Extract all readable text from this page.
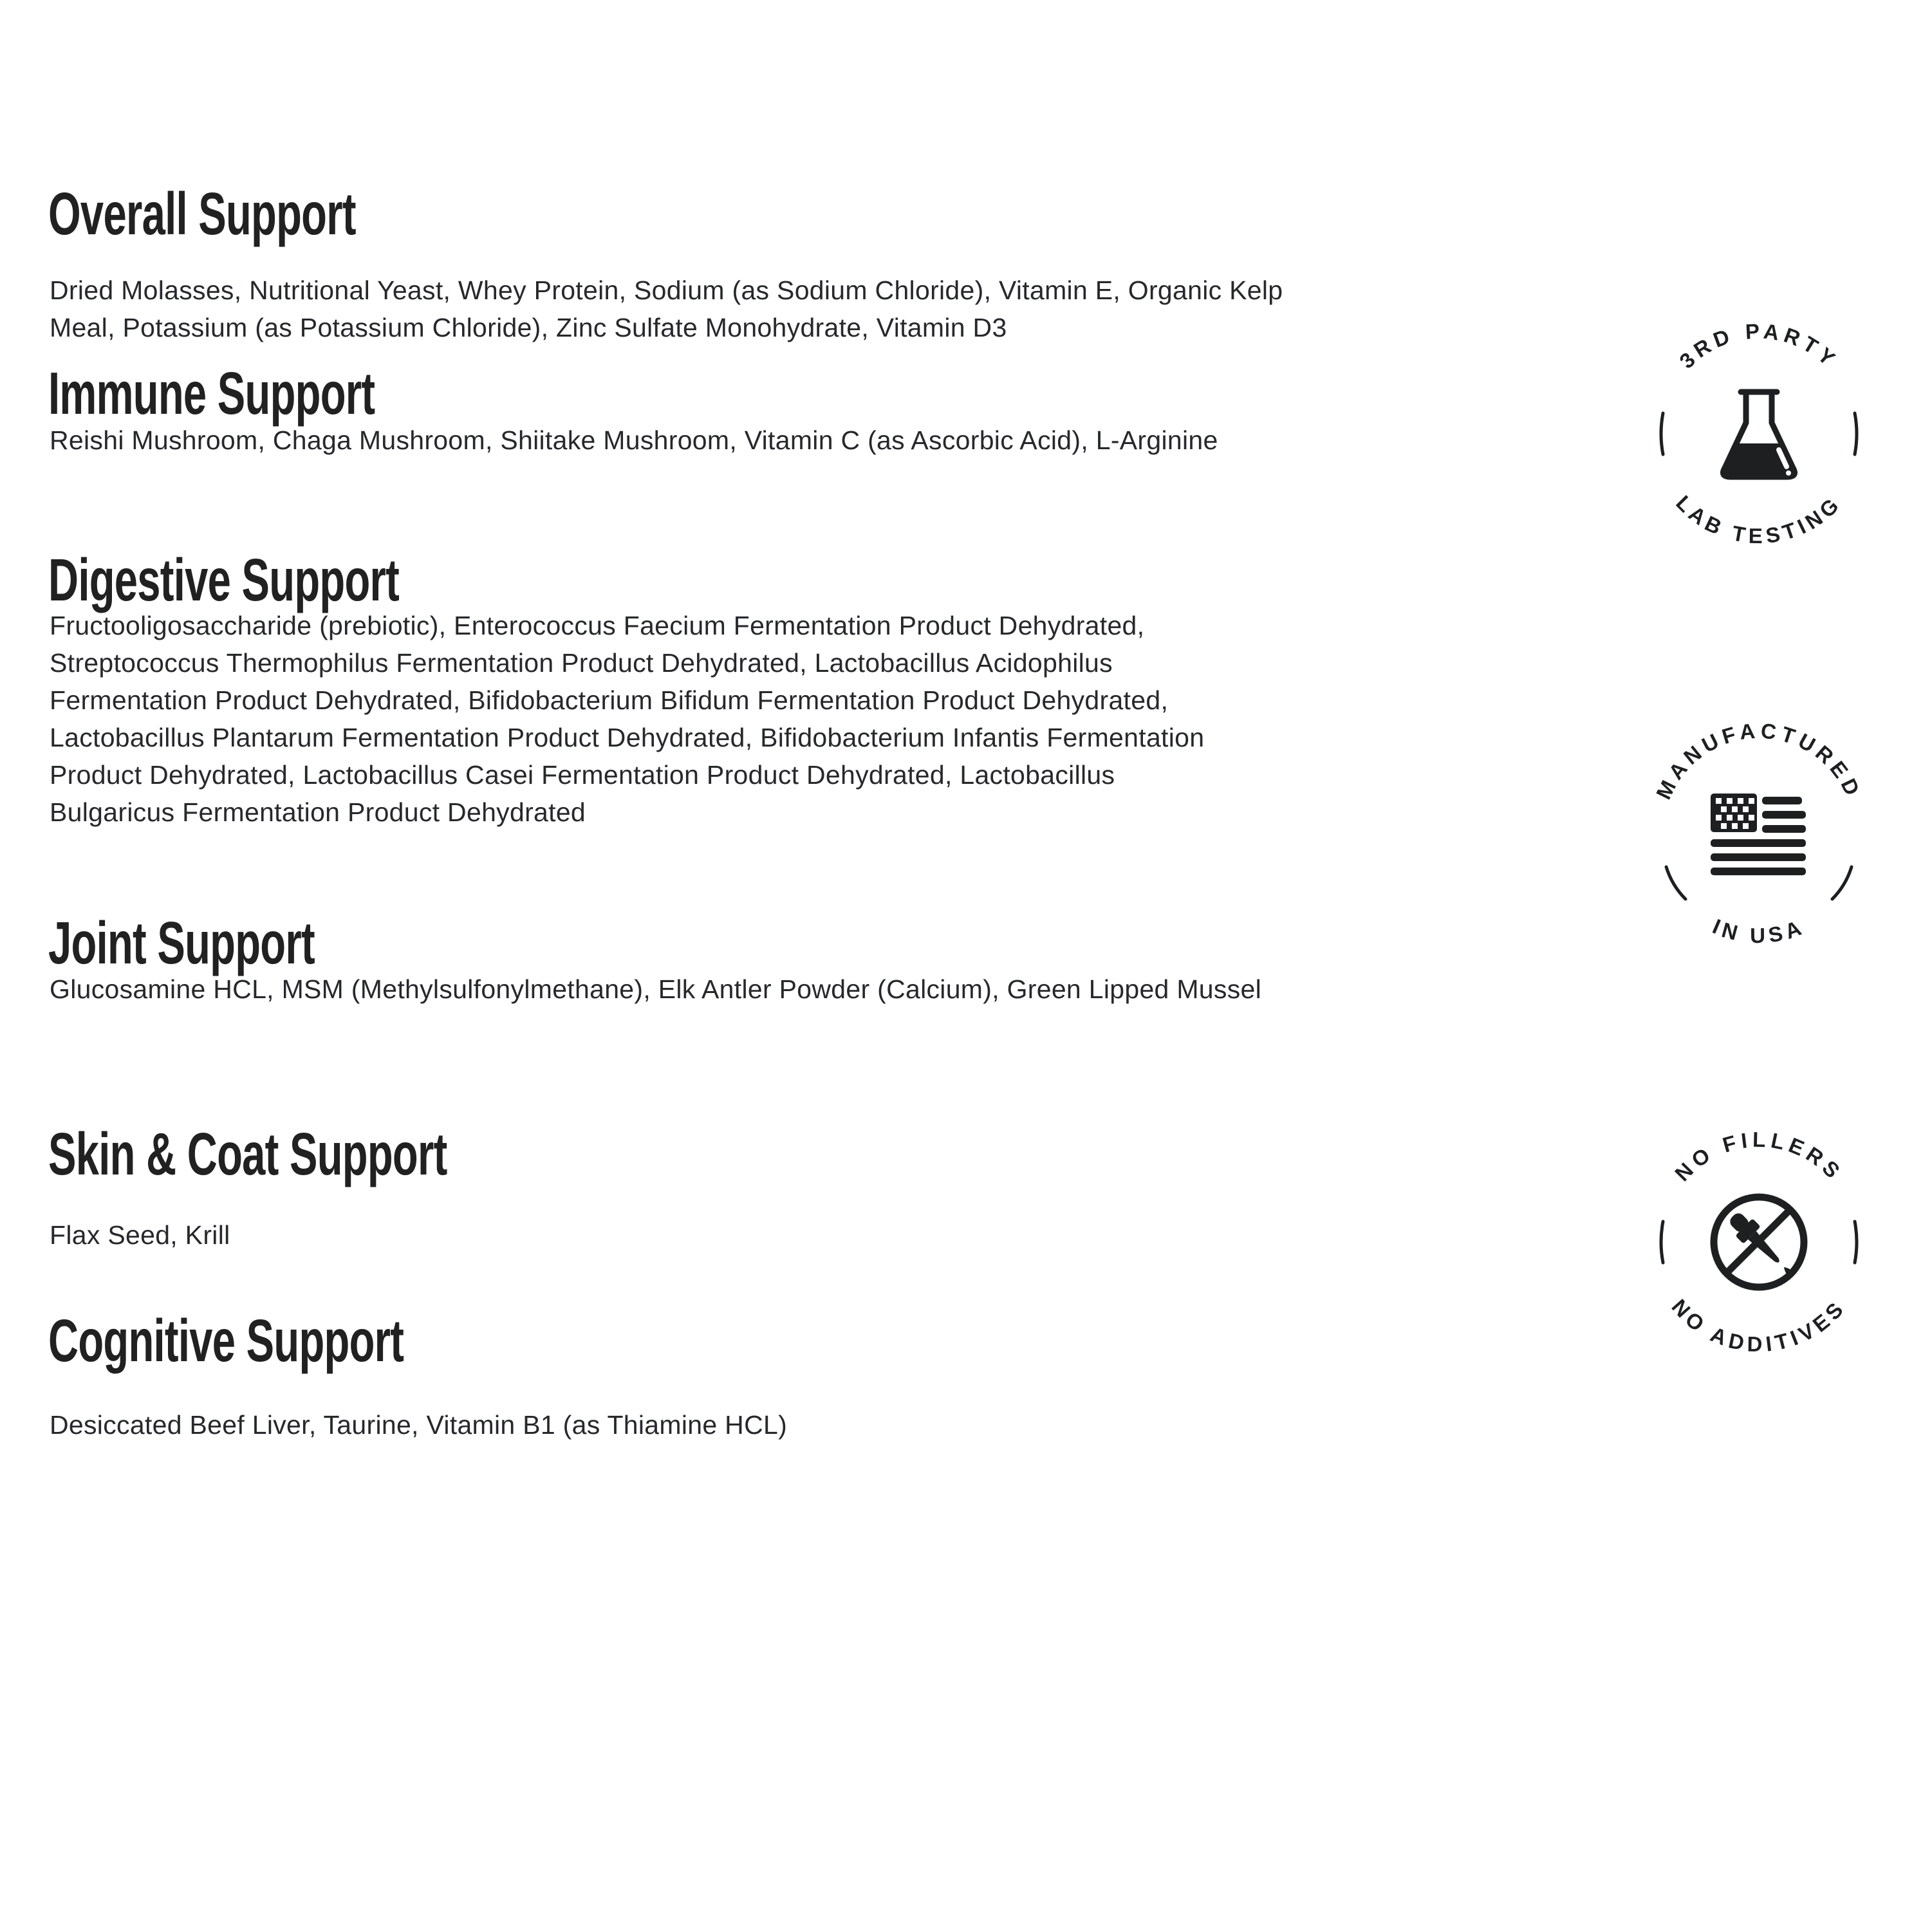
Overall Support
Dried Molasses, Nutritional Yeast, Whey Protein, Sodium (as Sodium Chloride), Vitamin E, Organic Kelp
Meal, Potassium (as Potassium Chloride), Zinc Sulfate Monohydrate, Vitamin D3
Immune Support
Reishi Mushroom, Chaga Mushroom, Shiitake Mushroom, Vitamin C (as Ascorbic Acid), L-Arginine
Digestive Support
Fructooligosaccharide (prebiotic), Enterococcus Faecium Fermentation Product Dehydrated,
Streptococcus Thermophilus Fermentation Product Dehydrated, Lactobacillus Acidophilus
Fermentation Product Dehydrated, Bifidobacterium Bifidum Fermentation Product Dehydrated,
Lactobacillus Plantarum Fermentation Product Dehydrated, Bifidobacterium Infantis Fermentation
Product Dehydrated, Lactobacillus Casei Fermentation Product Dehydrated, Lactobacillus
Bulgaricus Fermentation Product Dehydrated
Joint Support
Glucosamine HCL, MSM (Methylsulfonylmethane), Elk Antler Powder (Calcium), Green Lipped Mussel
Skin & Coat Support
Flax Seed, Krill
Cognitive Support
Desiccated Beef Liver, Taurine, Vitamin B1 (as Thiamine HCL)
3RD PARTY
LAB TESTING
MANUFACTURED
IN USA
NO FILLERS
NO ADDITIVES
